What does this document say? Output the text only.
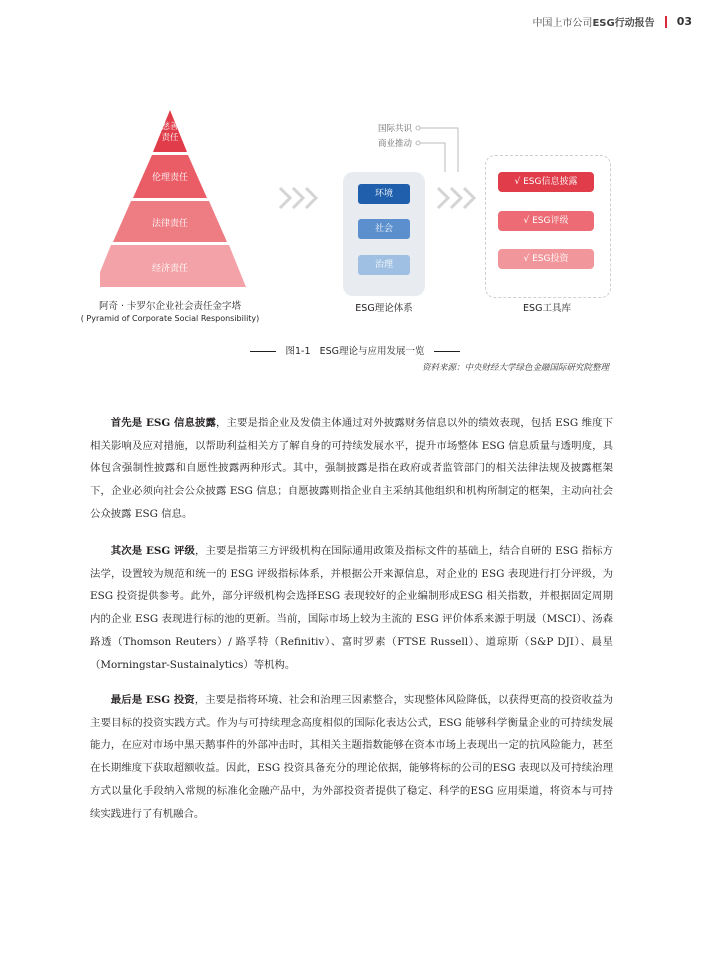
中国上市公司ESG行动报告 03
慈善
责任
伦理责任
法律责任
经济责任
阿奇 · 卡罗尔企业社会责任金字塔
( Pyramid of Corporate Social Responsibility)
环境
社会
治理
ESG理论体系
国际共识
商业推动
√ ESG信息披露
√ ESG评级
√ ESG投资
ESG工具库
图1-1   ESG理论与应用发展一览
资料来源：中央财经大学绿色金融国际研究院整理

首先是 ESG 信息披露，主要是指企业及发债主体通过对外披露财务信息以外的绩效表现，包括 ESG 维度下相关影响及应对措施，以帮助利益相关方了解自身的可持续发展水平，提升市场整体 ESG 信息质量与透明度，具体包含强制性披露和自愿性披露两种形式。其中，强制披露是指在政府或者监管部门的相关法律法规及披露框架下，企业必须向社会公众披露 ESG 信息；自愿披露则指企业自主采纳其他组织和机构所制定的框架，主动向社会公众披露 ESG 信息。

其次是 ESG 评级，主要是指第三方评级机构在国际通用政策及指标文件的基础上，结合自研的 ESG 指标方法学，设置较为规范和统一的 ESG 评级指标体系，并根据公开来源信息，对企业的 ESG 表现进行打分评级，为ESG 投资提供参考。此外，部分评级机构会选择ESG 表现较好的企业编制形成ESG 相关指数，并根据固定周期内的企业 ESG 表现进行标的池的更新。当前，国际市场上较为主流的 ESG 评价体系来源于明晟（MSCI）、汤森路透（Thomson Reuters）/ 路孚特（Refinitiv）、富时罗素（FTSE Russell）、道琼斯（S&P DJI）、晨星（Morningstar-Sustainalytics）等机构。

最后是 ESG 投资，主要是指将环境、社会和治理三因素整合，实现整体风险降低，以获得更高的投资收益为主要目标的投资实践方式。作为与可持续理念高度相似的国际化表达公式，ESG 能够科学衡量企业的可持续发展能力，在应对市场中黑天鹅事件的外部冲击时，其相关主题指数能够在资本市场上表现出一定的抗风险能力，甚至在长期维度下获取超额收益。因此，ESG 投资具备充分的理论依据，能够将标的公司的ESG 表现以及可持续治理方式以量化手段纳入常规的标准化金融产品中，为外部投资者提供了稳定、科学的ESG 应用渠道，将资本与可持续实践进行了有机融合。
